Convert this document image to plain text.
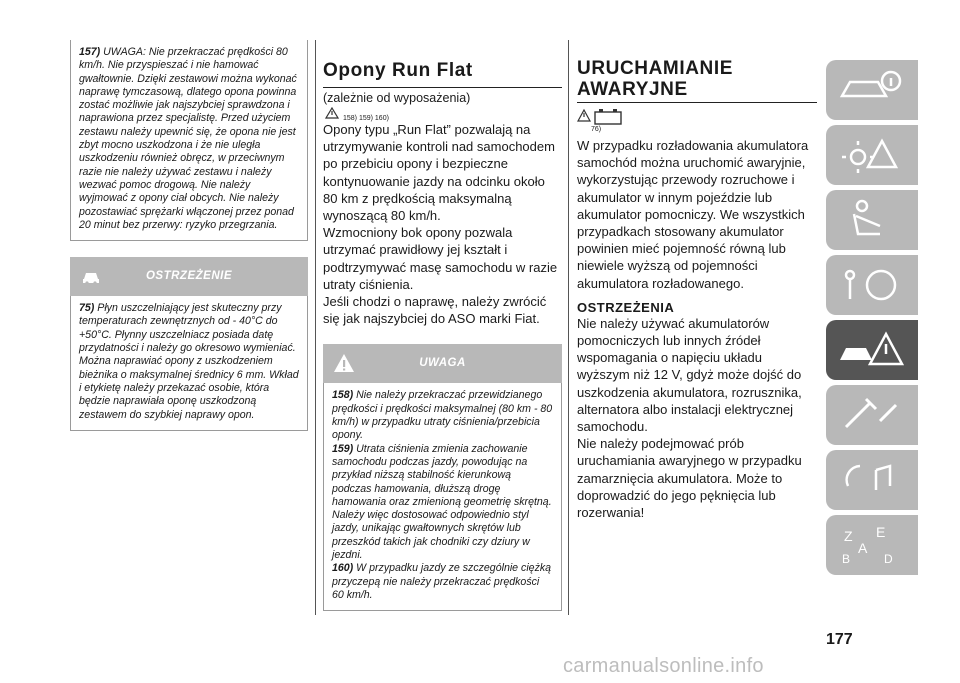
157) UWAGA: Nie przekraczać prędkości 80 km/h. Nie przyspieszać i nie hamować gwałtownie. Dzięki zestawowi można wykonać naprawę tymczasową, dlatego opona powinna zostać możliwie jak najszybciej sprawdzona i naprawiona przez specjalistę. Przed użyciem zestawu należy upewnić się, że opona nie jest zbyt mocno uszkodzona i że nie uległa uszkodzeniu również obręcz, w przeciwnym razie nie należy używać zestawu i należy wezwać pomoc drogową. Nie należy wyjmować z opony ciał obcych. Nie należy pozostawiać sprężarki włączonej przez ponad 20 minut bez przerwy: ryzyko przegrzania.
OSTRZEŻENIE
75) Płyn uszczelniający jest skuteczny przy temperaturach zewnętrznych od - 40°C do +50°C. Płynny uszczelniacz posiada datę przydatności i należy go okresowo wymieniać. Można naprawiać opony z uszkodzeniem bieżnika o maksymalnej średnicy 6 mm. Wkład i etykietę należy przekazać osobie, która będzie naprawiała oponę uszkodzoną zestawem do szybkiej naprawy opon.
Opony Run Flat
(zależnie od wyposażenia)
158) 159) 160)
Opony typu „Run Flat” pozwalają na utrzymywanie kontroli nad samochodem po przebiciu opony i bezpieczne kontynuowanie jazdy na odcinku około 80 km z prędkością maksymalną wynoszącą 80 km/h.
Wzmocniony bok opony pozwala utrzymać prawidłowy jej kształt i podtrzymywać masę samochodu w razie utraty ciśnienia.
Jeśli chodzi o naprawę, należy zwrócić się jak najszybciej do ASO marki Fiat.
UWAGA
158) Nie należy przekraczać przewidzianego prędkości i prędkości maksymalnej (80 km - 80 km/h) w przypadku utraty ciśnienia/przebicia opony.
159) Utrata ciśnienia zmienia zachowanie samochodu podczas jazdy, powodując na przykład niższą stabilność kierunkową podczas hamowania, dłuższą drogę hamowania oraz zmienioną geometrię skrętną. Należy więc dostosować odpowiednio styl jazdy, unikając gwałtownych skrętów lub przeszkód takich jak chodniki czy dziury w jezdni.
160) W przypadku jazdy ze szczególnie ciężką przyczepą nie należy przekraczać prędkości 60 km/h.
URUCHAMIANIE
AWARYJNE
76)
W przypadku rozładowania akumulatora samochód można uruchomić awaryjnie, wykorzystując przewody rozruchowe i akumulator w innym pojeździe lub akumulator pomocniczy. We wszystkich przypadkach stosowany akumulator powinien mieć pojemność równą lub niewiele wyższą od pojemności akumulatora rozładowanego.
OSTRZEŻENIA
Nie należy używać akumulatorów pomocniczych lub innych źródeł wspomagania o napięciu układu wyższym niż 12 V, gdyż może dojść do uszkodzenia akumulatora, rozrusznika, alternatora albo instalacji elektrycznej samochodu.
Nie należy podejmować prób uruchamiania awaryjnego w przypadku zamarznięcia akumulatora. Może to doprowadzić do jego pęknięcia lub rozerwania!
Z E
A
B	D
177
carmanualsonline.info
